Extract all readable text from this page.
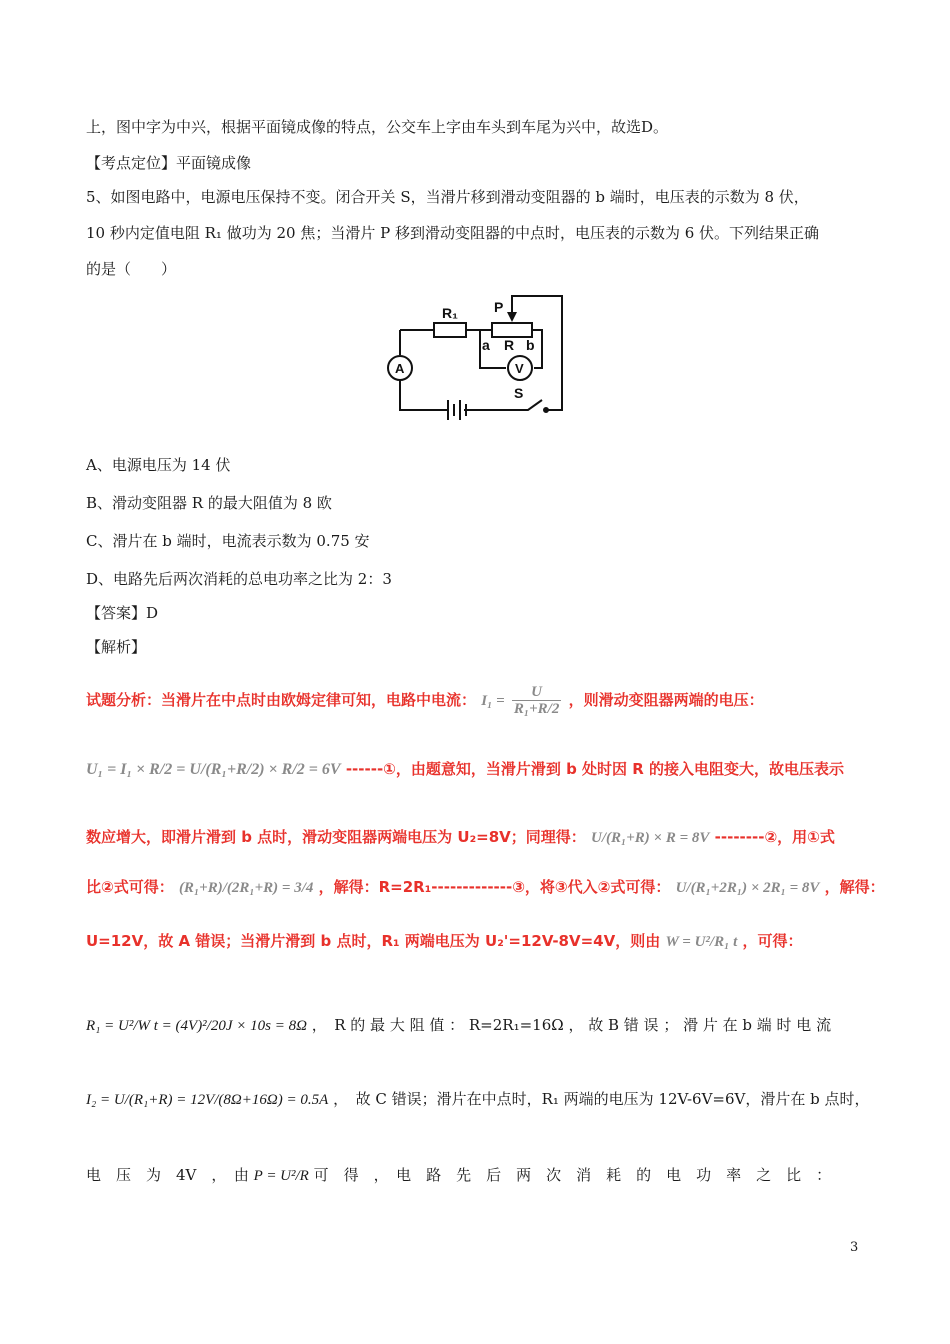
上，图中字为中兴，根据平面镜成像的特点，公交车上字由车头到车尾为兴中，故选D。
【考点定位】平面镜成像
5、如图电路中，电源电压保持不变。闭合开关 S，当滑片移到滑动变阻器的 b 端时，电压表的示数为 8 伏，
10 秒内定值电阻 R₁ 做功为 20 焦；当滑片 P 移到滑动变阻器的中点时，电压表的示数为 6 伏。下列结果正确
的是（　　）
A	V
R₁	P
a R b
S
A、电源电压为 14 伏
B、滑动变阻器 R 的最大阻值为 8 欧
C、滑片在 b 端时，电流表示数为 0.75 安
D、电路先后两次消耗的总电功率之比为 2：3
【答案】D
【解析】
试题分析：当滑片在中点时由欧姆定律可知，电路中电流： $I_1 = \frac{U}{\text{R₁+R/2}}$ ，则滑动变阻器两端的电压：
U₁ = I₁ × R/2 = U/(R₁+R/2) × R/2 = 6V ------①，由题意知，当滑片滑到 b 处时因 R 的接入电阻变大，故电压表示
数应增大，即滑片滑到 b 点时，滑动变阻器两端电压为 U₂=8V；同理得： U/(R₁+R) × R = 8V --------②，用①式
比②式可得： (R₁+R)/(2R₁+R) = 3/4 ，解得：R=2R₁-------------③，将③代入②式可得： U/(R₁+2R₁) × 2R₁ = 8V ，解得：
U=12V，故 A 错误；当滑片滑到 b 点时，R₁ 两端电压为 U₂'=12V-8V=4V，则由 W = U²/R₁ t ，可得：
R₁ = U²/W t = (4V)²/20J × 10s = 8Ω ，　R 的 最 大 阻 值 ： R=2R₁=16Ω ， 故 B 错 误 ； 滑 片 在 b 端 时 电 流
I₂ = U/(R₁+R) = 12V/(8Ω+16Ω) = 0.5A ，　故 C 错误；滑片在中点时，R₁ 两端的电压为 12V-6V=6V，滑片在 b 点时，
电　压　为　4V　，　由 P = U²/R 可　得　，　电　路　先　后　两　次　消　耗　的　电　功　率　之　比　：
3
